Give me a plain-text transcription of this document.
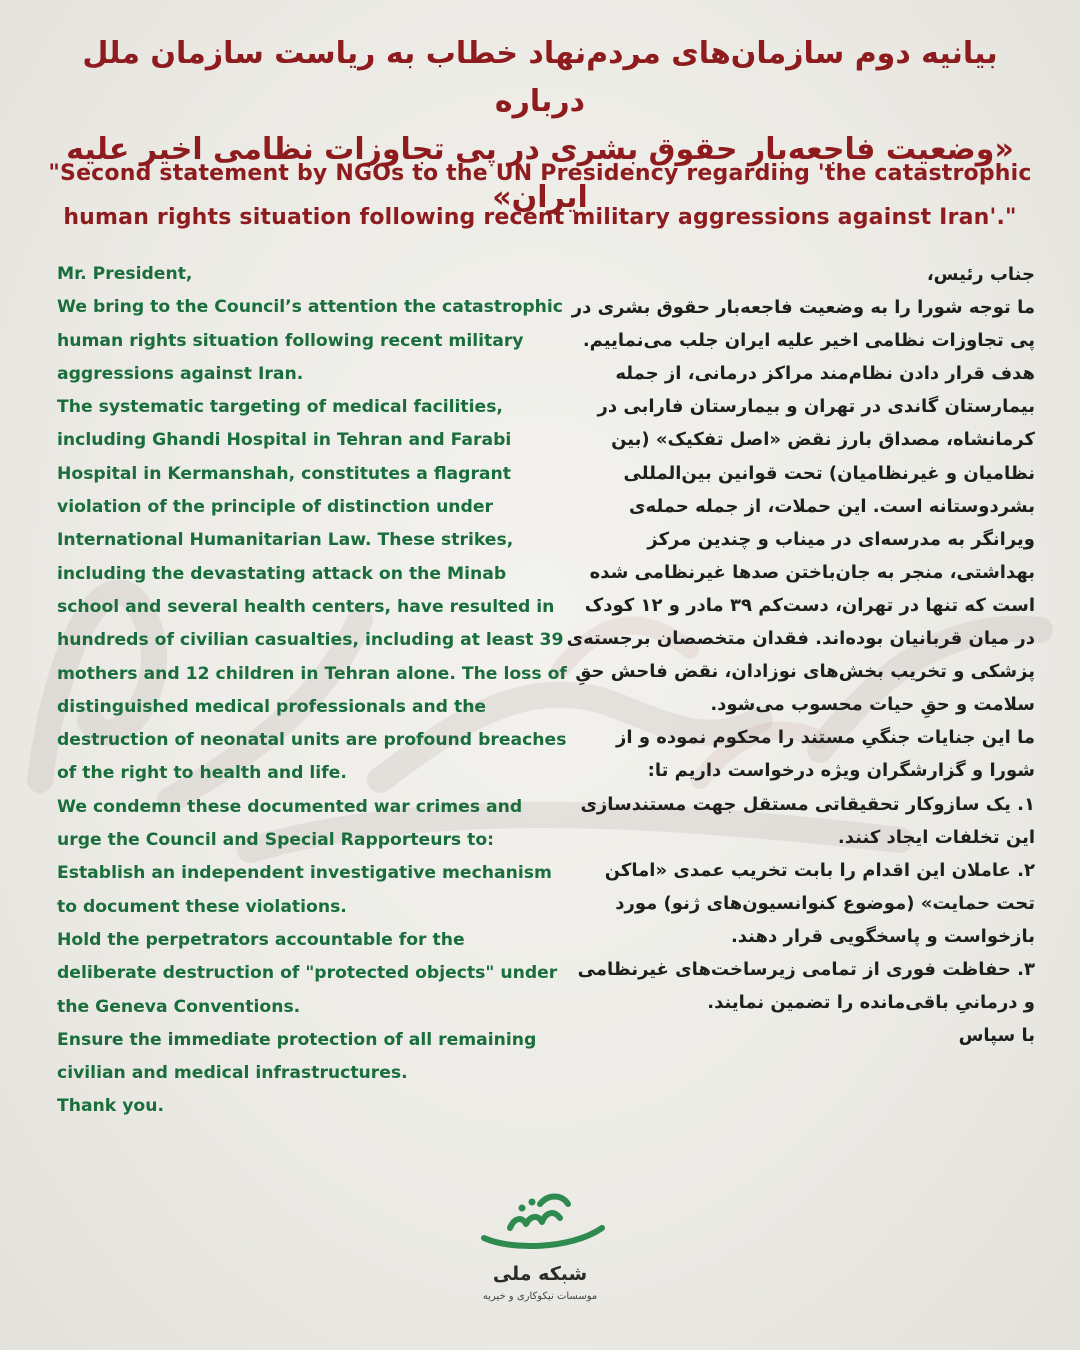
بیانیه دوم سازمان‌های مردم‌نهاد خطاب به ریاست سازمان ملل درباره
«وضعیت فاجعه‌بار حقوق بشری در پی تجاوزات نظامی اخیر علیه ایران»
"Second statement by NGOs to the UN Presidency regarding 'the catastrophic
human rights situation following recent military aggressions against Iran'."

Mr. President,

We bring to the Council’s attention the catastrophic human rights situation following recent military aggressions against Iran.

The systematic targeting of medical facilities, including Ghandi Hospital in Tehran and Farabi Hospital in Kermanshah, constitutes a flagrant violation of the principle of distinction under International Humanitarian Law. These strikes, including the devastating attack on the Minab school and several health centers, have resulted in hundreds of civilian casualties, including at least 39 mothers and 12 children in Tehran alone. The loss of distinguished medical professionals and the destruction of neonatal units are profound breaches of the right to health and life.

We condemn these documented war crimes and urge the Council and Special Rapporteurs to:

Establish an independent investigative mechanism to document these violations.

Hold the perpetrators accountable for the deliberate destruction of "protected objects" under the Geneva Conventions.

Ensure the immediate protection of all remaining civilian and medical infrastructures.

Thank you.

جناب رئیس،

ما توجه شورا را به وضعیت فاجعه‌بار حقوق بشری در پی تجاوزات نظامی اخیر علیه ایران جلب می‌نماییم.

هدف قرار دادن نظام‌مند مراکز درمانی، از جمله بیمارستان گاندی در تهران و بیمارستان فارابی در کرمانشاه، مصداق بارز نقض «اصل تفکیک» (بین نظامیان و غیرنظامیان) تحت قوانین بین‌المللی بشردوستانه است. این حملات، از جمله حمله‌ی ویرانگر به مدرسه‌ای در میناب و چندین مرکز بهداشتی، منجر به جان‌باختن صدها غیرنظامی شده است که تنها در تهران، دست‌کم ۳۹ مادر و ۱۲ کودک در میان قربانیان بوده‌اند. فقدان متخصصان برجسته‌ی پزشکی و تخریب بخش‌های نوزادان، نقض فاحش حقِ سلامت و حقِ حیات محسوب می‌شود.

ما این جنایات جنگیِ مستند را محکوم نموده و از شورا و گزارشگران ویژه درخواست داریم تا:

۱. یک سازوکار تحقیقاتی مستقل جهت مستندسازی این تخلفات ایجاد کنند.

۲. عاملان این اقدام را بابت تخریب عمدی «اماکن تحت حمایت» (موضوع کنوانسیون‌های ژنو) مورد بازخواست و پاسخگویی قرار دهند.

۳. حفاظت فوری از تمامی زیرساخت‌های غیرنظامی و درمانیِ باقی‌مانده را تضمین نمایند.

با سپاس

شبکه ملی
موسسات نیکوکاری و خیریه
